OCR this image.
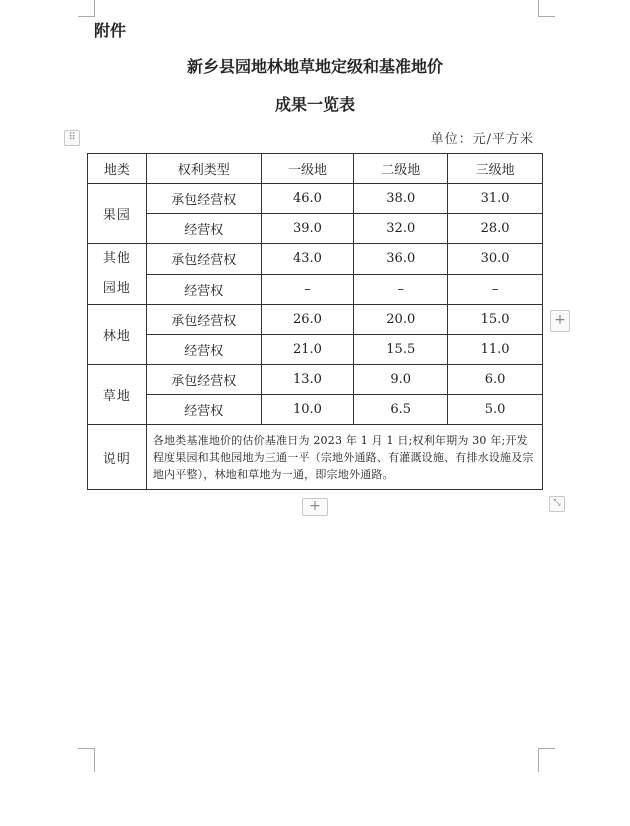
附件
新乡县园地林地草地定级和基准地价
成果一览表
单位：元/平方米
⠿
+
+	⤡
地类	权利类型	一级地	二级地	三级地
果园	承包经营权	46.0	38.0	31.0
	经营权	39.0	32.0	28.0

其他
园地	承包经营权	43.0	36.0	30.0
	经营权	–	–	–
林地	承包经营权	26.0	20.0	15.0
	经营权	21.0	15.5	11.0
草地	承包经营权	13.0	9.0	6.0
	经营权	10.0	6.5	5.0
说明	各地类基准地价的估价基准日为 2023 年 1 月 1 日;权利年期为 30 年;开发程度果园和其他园地为三通一平（宗地外通路、有灌溉设施、有排水设施及宗地内平整），林地和草地为一通，即宗地外通路。			
